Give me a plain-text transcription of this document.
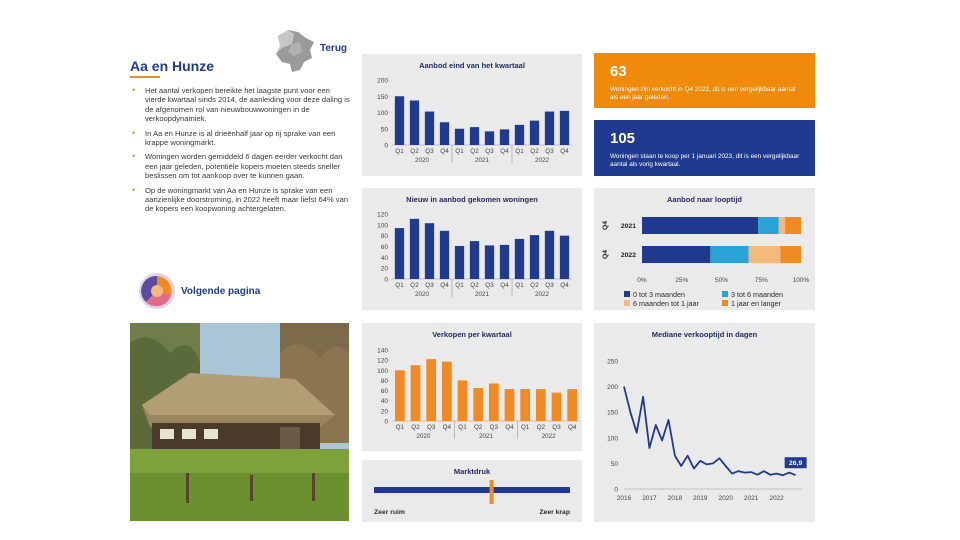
Aa en Hunze
Terug
• Het aantal verkopen bereikte het laagste punt voor een vierde kwartaal sinds 2014, de aanleiding voor deze daling is de afgenomen rol van nieuwbouwwoningen in de verkoopdynamiek.
• In Aa en Hunze is al drieënhalf jaar op rij sprake van een krappe woningmarkt.
• Woningen worden gemiddeld 6 dagen eerder verkocht dan een jaar geleden, potentiële kopers moeten steeds sneller beslissen om tot aankoop over te kunnen gaan.
• Op de woningmarkt van Aa en Hunze is sprake van een aanzienlijke doorstroming, in 2022 heeft maar liefst 64% van de kopers een koopwoning achtergelaten.
Volgende pagina
Aanbod eind van het kwartaal
0
50
100
150
200
Q1 Q2 Q3 Q4 Q1 Q2 Q3 Q4 Q1 Q2 Q3 Q4
2020	2021	2022
Nieuw in aanbod gekomen woningen
0
20
40
60
80
100
120
Q1 Q2 Q3 Q4 Q1 Q2 Q3 Q4 Q1 Q2 Q3 Q4
2020	2021	2022
Verkopen per kwartaal
0
20
40
60
80
100
120
140
Q1 Q2 Q3 Q4 Q1 Q2 Q3 Q4 Q1 Q2 Q3 Q4
2020	2021	2022
Marktdruk
Zeer ruim	Zeer krap
63
Woningen zijn verkocht in Q4 2022, dit is een vergelijkbaar aantal als een jaar geleden.
105
Woningen staan te koop per 1 januari 2023, dit is een vergelijkbaar aantal als vorig kwartaal.
Aanbod naar looptijd
2021
Q4
2022
Q4
0%	25%	50%	75%	100%
0 tot 3 maanden	3 tot 6 maanden
6 maanden tot 1 jaar	1 jaar en langer
Mediane verkooptijd in dagen
0
50
100
150
200
250
2016 2017 2018 2019 2020 2021 2022
26,9
